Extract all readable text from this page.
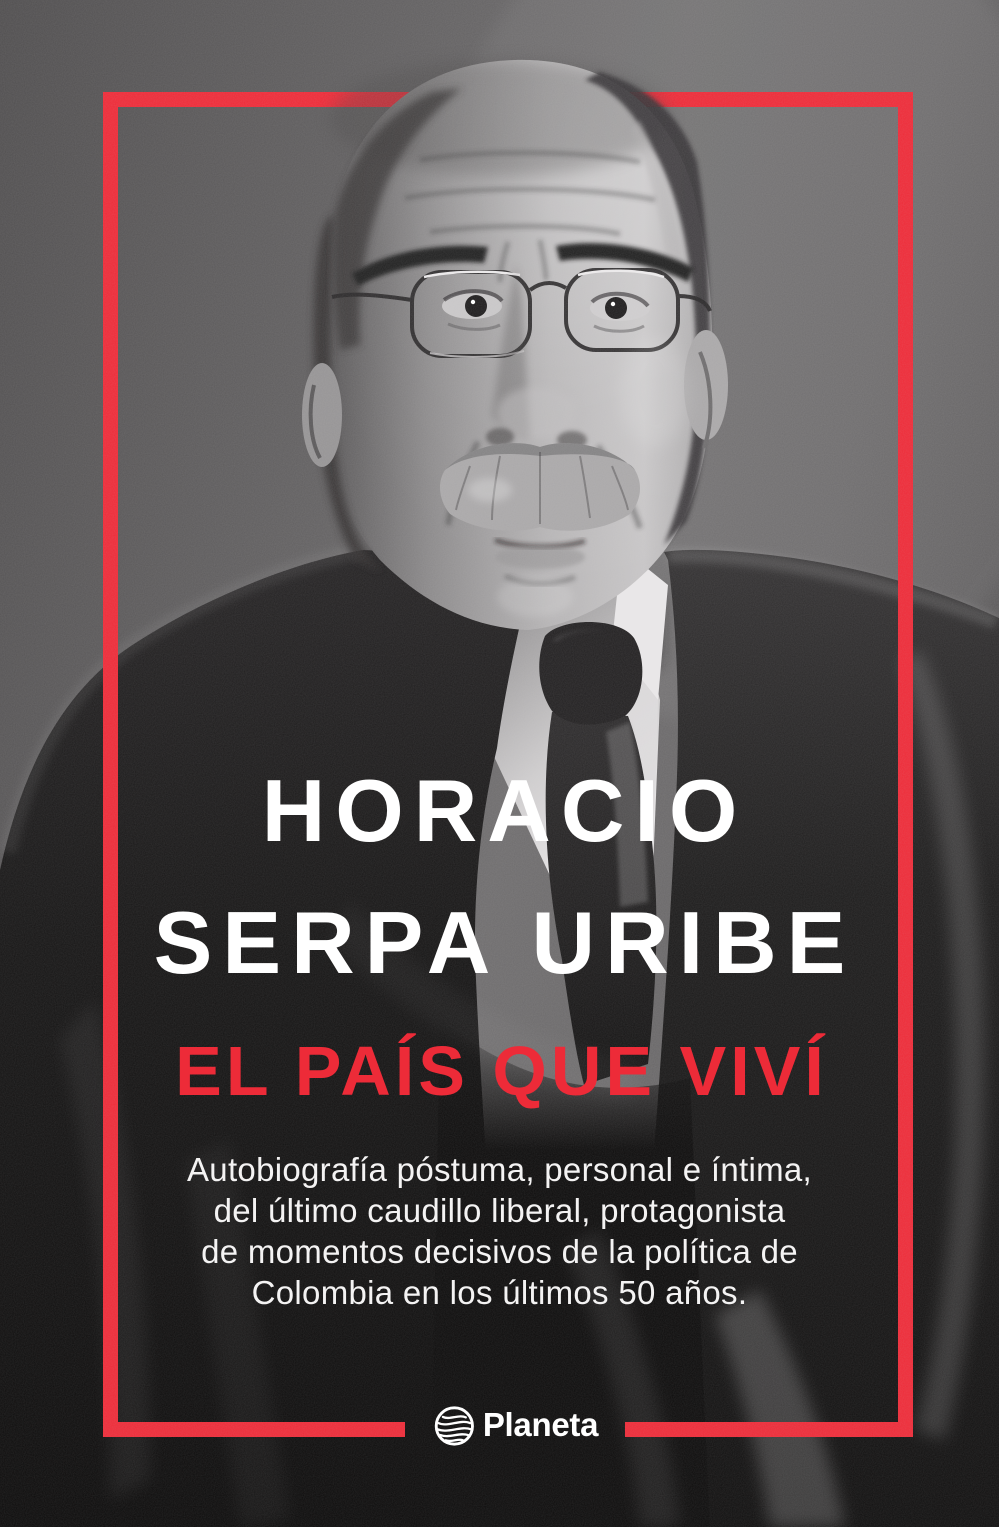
HORACIO
SERPA URIBE
EL PAÍS QUE VIVÍ
Autobiografía póstuma, personal e íntima,
del último caudillo liberal, protagonista
de momentos decisivos de la política de
Colombia en los últimos 50 años.
Planeta
